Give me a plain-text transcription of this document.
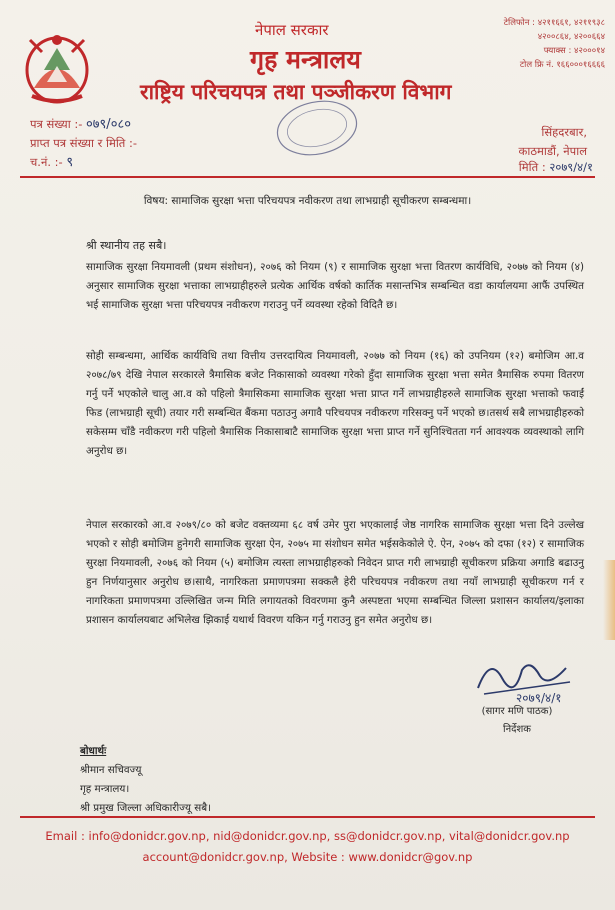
नेपाल सरकार
गृह मन्त्रालय
राष्ट्रिय परिचयपत्र तथा पञ्जीकरण विभाग
टेलिफोन : ४२११६६१, ४२११९३८
४२००८६४, ४२००६६४
फ्याक्स : ४२०००१४
टोल फ्रि नं. १६६०००१६६६६
पत्र संख्या :- ०७९/०८०
प्राप्त पत्र संख्या र मिति :-
च.नं. :- ९
सिंहदरबार,
काठमाडौं, नेपाल
मिति : २०७९/४/१
विषय: सामाजिक सुरक्षा भत्ता परिचयपत्र नवीकरण तथा लाभग्राही सूचीकरण सम्बन्धमा।
श्री स्थानीय तह सबै।
सामाजिक सुरक्षा नियमावली (प्रथम संशोधन), २०७६ को नियम (९) र सामाजिक सुरक्षा भत्ता वितरण कार्यविधि, २०७७ को नियम (४) अनुसार सामाजिक सुरक्षा भत्ताका लाभग्राहीहरुले प्रत्येक आर्थिक वर्षको कार्तिक मसान्तभित्र सम्बन्धित वडा कार्यालयमा आफैं उपस्थित भई सामाजिक सुरक्षा भत्ता परिचयपत्र नवीकरण गराउनु पर्ने व्यवस्था रहेको विदितै छ।
सोही सम्बन्धमा, आर्थिक कार्यविधि तथा वित्तीय उत्तरदायित्व नियमावली, २०७७ को नियम (१६) को उपनियम (१२) बमोजिम आ.व २०७८/७९ देखि नेपाल सरकारले त्रैमासिक बजेट निकासाको व्यवस्था गरेको हुँदा सामाजिक सुरक्षा भत्ता समेत त्रैमासिक रुपमा वितरण गर्नु पर्ने भएकोले चालु आ.व को पहिलो त्रैमासिकमा सामाजिक सुरक्षा भत्ता प्राप्त गर्ने लाभग्राहीहरुले सामाजिक सुरक्षा भत्ताको फवाईं फिड (लाभग्राही सूची) तयार गरी सम्बन्धित बैंकमा पठाउनु अगावै परिचयपत्र नवीकरण गरिसक्नु पर्ने भएको छ।तसर्थ सबै लाभग्राहीहरुको सकेसम्म चाँडै नवीकरण गरी पहिलो त्रैमासिक निकासाबाटै सामाजिक सुरक्षा भत्ता प्राप्त गर्ने सुनिश्चितता गर्न आवश्यक व्यवस्थाको लागि अनुरोध छ।
नेपाल सरकारको आ.व २०७९/८० को बजेट वक्तव्यमा ६८ वर्ष उमेर पुरा भएकालाई जेष्ठ नागरिक सामाजिक सुरक्षा भत्ता दिने उल्लेख भएको र सोही बमोजिम हुनेगरी सामाजिक सुरक्षा ऐन, २०७५ मा संशोधन समेत भईसकेकोले ऐ. ऐन, २०७५ को दफा (१२) र सामाजिक सुरक्षा नियमावली, २०७६ को नियम (५) बमोजिम त्यस्ता लाभग्राहीहरुको निवेदन प्राप्त गरी लाभग्राही सूचीकरण प्रक्रिया अगाडि बढाउनु हुन निर्णयानुसार अनुरोध छ।साथै, नागरिकता प्रमाणपत्रमा सक्कलै हेरी परिचयपत्र नवीकरण तथा नयाँ लाभग्राही सूचीकरण गर्न र नागरिकता प्रमाणपत्रमा उल्लिखित जन्म मिति लगायतको विवरणमा कुनै अस्पष्टता भएमा सम्बन्धित जिल्ला प्रशासन कार्यालय/इलाका प्रशासन कार्यालयबाट अभिलेख झिकाई यथार्थ विवरण यकिन गर्नु गराउनु हुन समेत अनुरोध छ।
२०७९/४/१
(सागर मणि पाठक)
निर्देशक
बोधार्थः
श्रीमान सचिवज्यू
गृह मन्त्रालय।
श्री प्रमुख जिल्ला अधिकारीज्यू सबै।
Email : info@donidcr.gov.np, nid@donidcr.gov.np, ss@donidcr.gov.np, vital@donidcr.gov.np
account@donidcr.gov.np, Website : www.donidcr@gov.np
